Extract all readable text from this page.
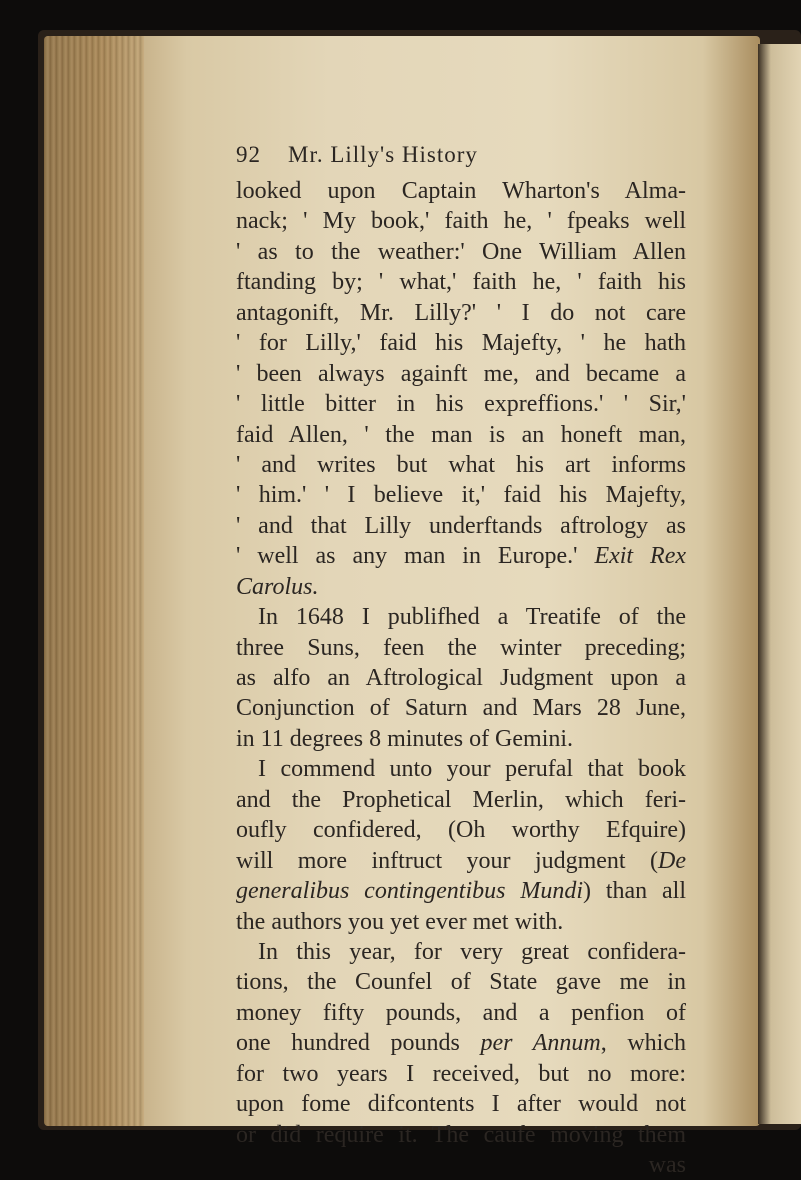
92	Mr. Lilly's History
looked upon Captain Wharton's Alma-
nack; ' My book,' faith he, ' fpeaks well
' as to the weather:' One William Allen
ftanding by; ' what,' faith he, ' faith his
antagonift, Mr. Lilly?' ' I do not care
' for Lilly,' faid his Majefty, ' he hath
' been always againft me, and became a
' little bitter in his expreffions.' ' Sir,'
faid Allen, ' the man is an honeft man,
' and writes but what his art informs
' him.' ' I believe it,' faid his Majefty,
' and that Lilly underftands aftrology as
' well as any man in Europe.' Exit Rex
Carolus.
In 1648 I publifhed a Treatife of the
three Suns, feen the winter preceding;
as alfo an Aftrological Judgment upon a
Conjunction of Saturn and Mars 28 June,
in 11 degrees 8 minutes of Gemini.
I commend unto your perufal that book
and the Prophetical Merlin, which feri-
oufly confidered, (Oh worthy Efquire)
will more inftruct your judgment (De
generalibus contingentibus Mundi) than all
the authors you yet ever met with.
In this year, for very great confidera-
tions, the Counfel of State gave me in
money fifty pounds, and a penfion of
one hundred pounds per Annum, which
for two years I received, but no more:
upon fome difcontents I after would not
or did require it. The caufe moving them
was
